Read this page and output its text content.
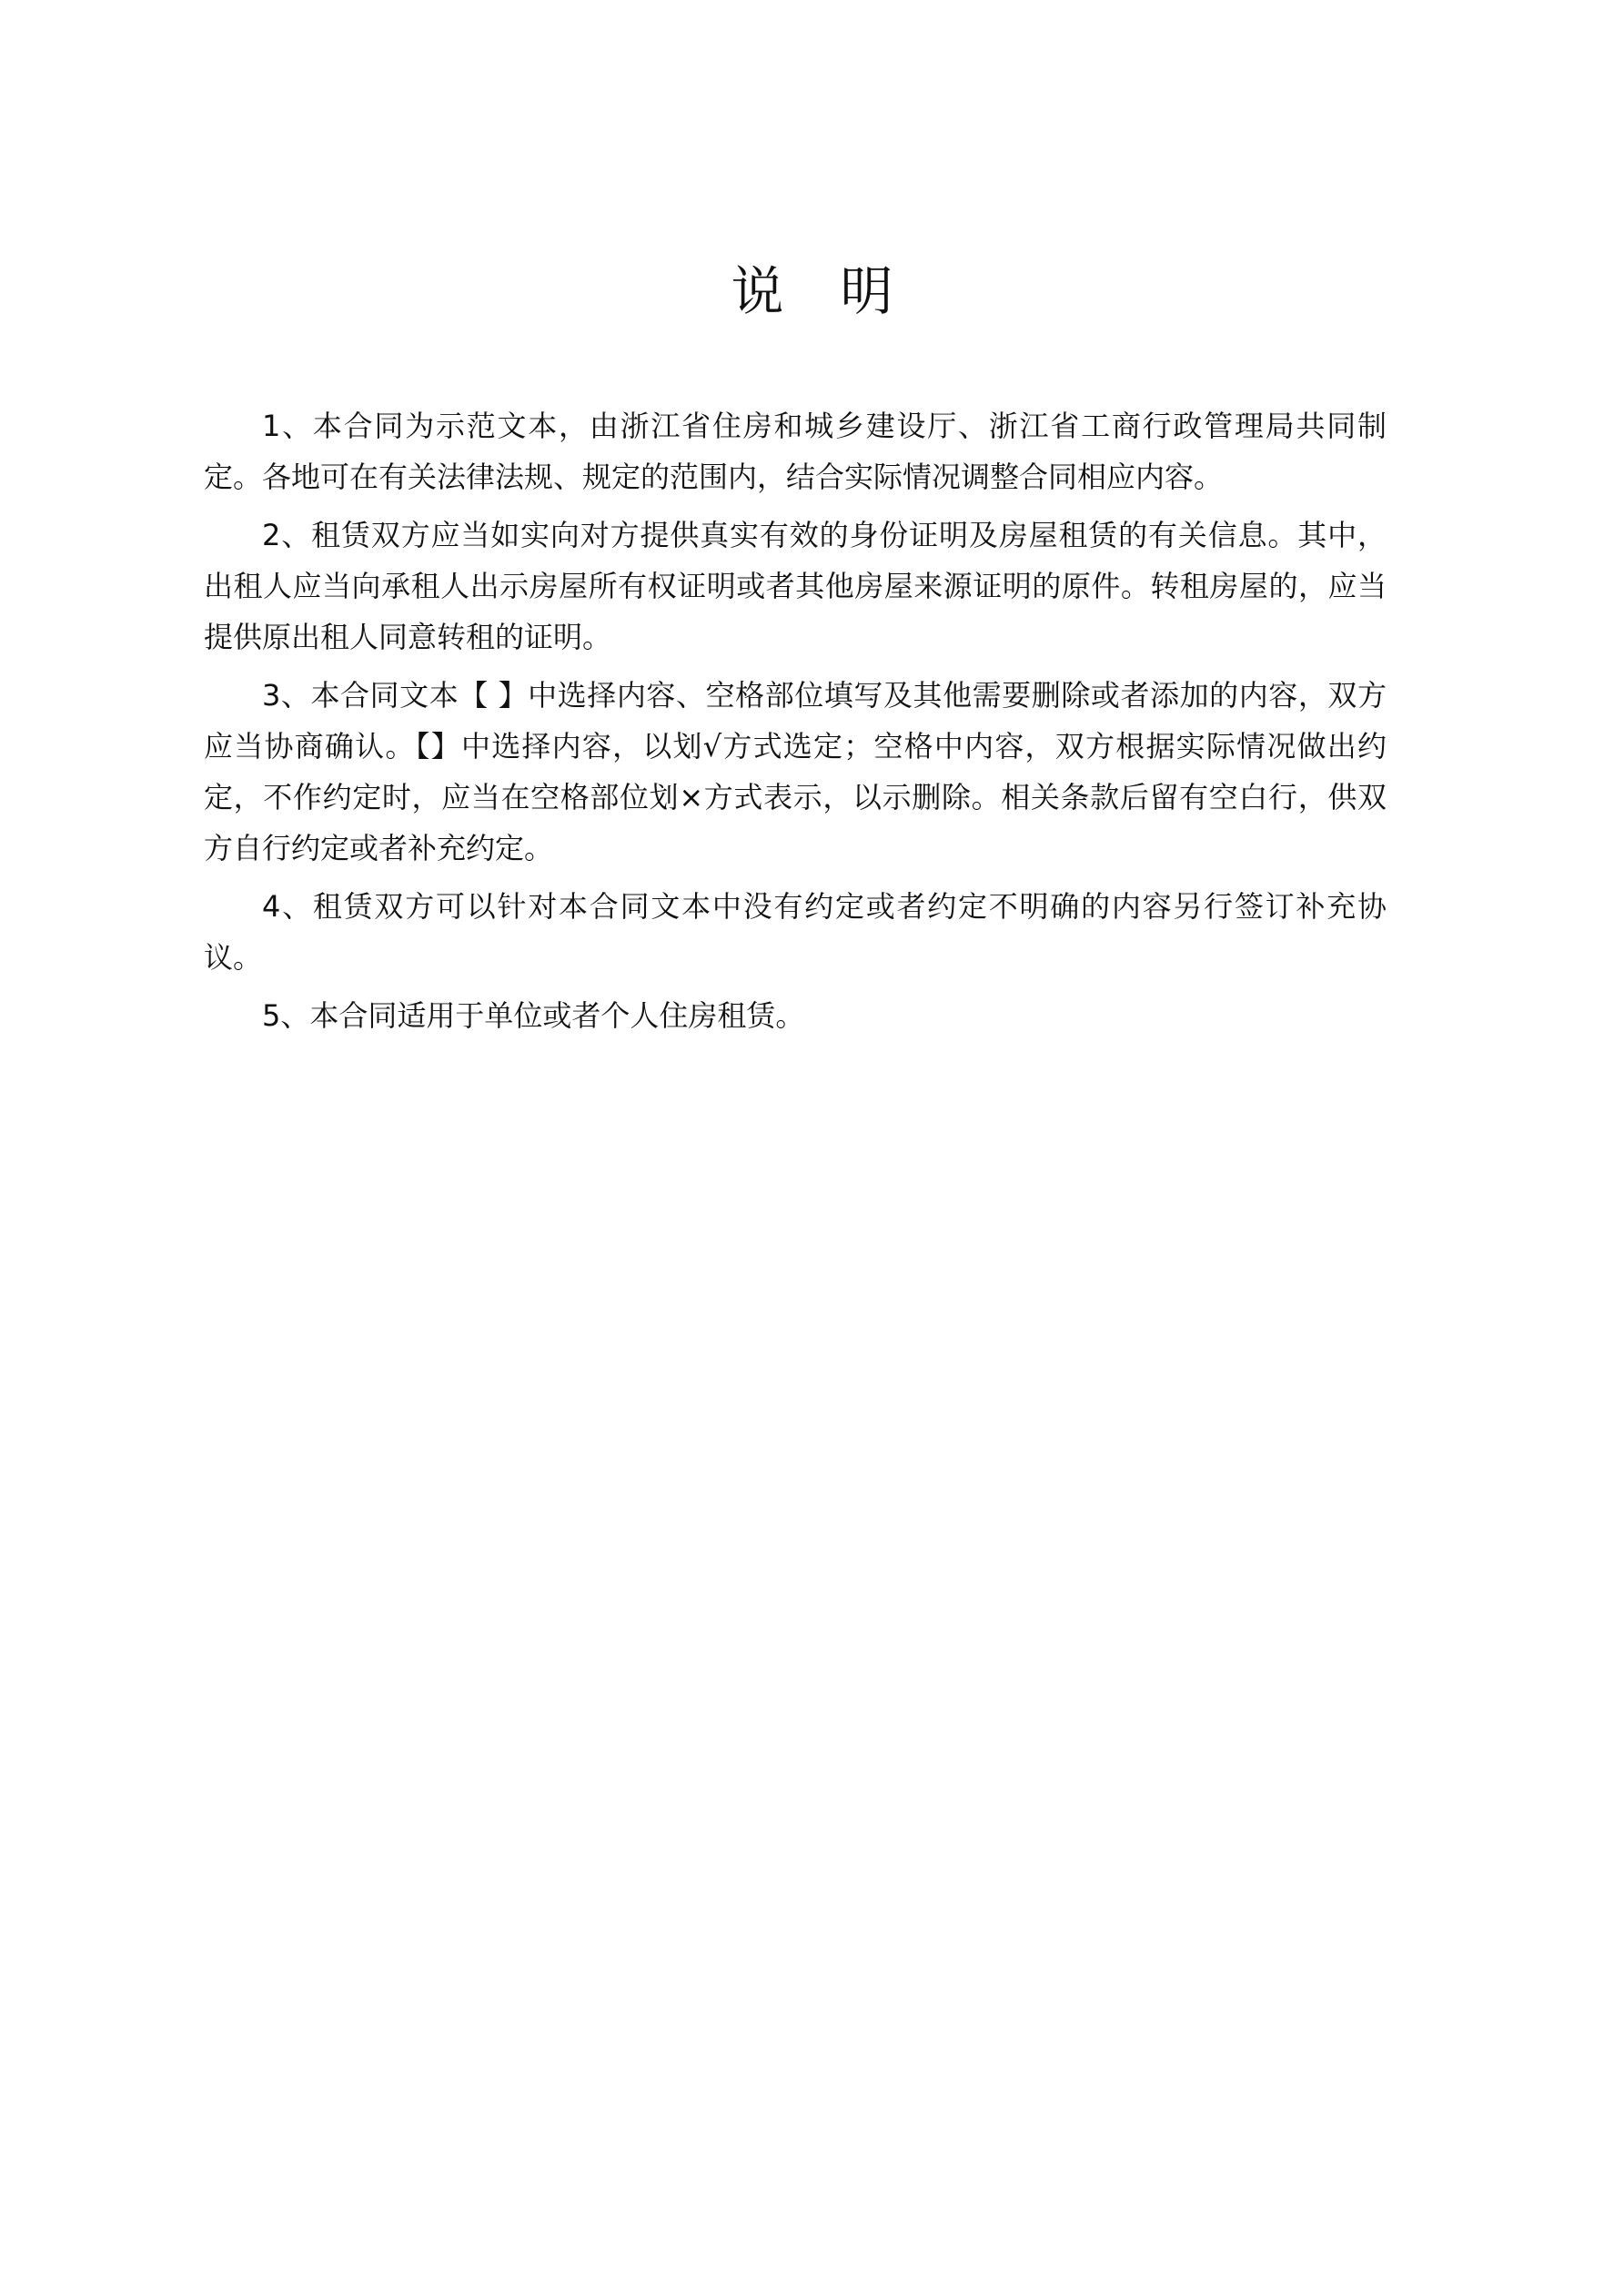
说明

1、本合同为示范文本，由浙江省住房和城乡建设厅、浙江省工商行政管理局共同制定。各地可在有关法律法规、规定的范围内，结合实际情况调整合同相应内容。

2、租赁双方应当如实向对方提供真实有效的身份证明及房屋租赁的有关信息。其中，出租人应当向承租人出示房屋所有权证明或者其他房屋来源证明的原件。转租房屋的，应当提供原出租人同意转租的证明。

3、本合同文本【 】中选择内容、空格部位填写及其他需要删除或者添加的内容，双方应当协商确认。【】中选择内容，以划√方式选定；空格中内容，双方根据实际情况做出约定，不作约定时，应当在空格部位划×方式表示，以示删除。相关条款后留有空白行，供双方自行约定或者补充约定。

4、租赁双方可以针对本合同文本中没有约定或者约定不明确的内容另行签订补充协议。

5、本合同适用于单位或者个人住房租赁。
